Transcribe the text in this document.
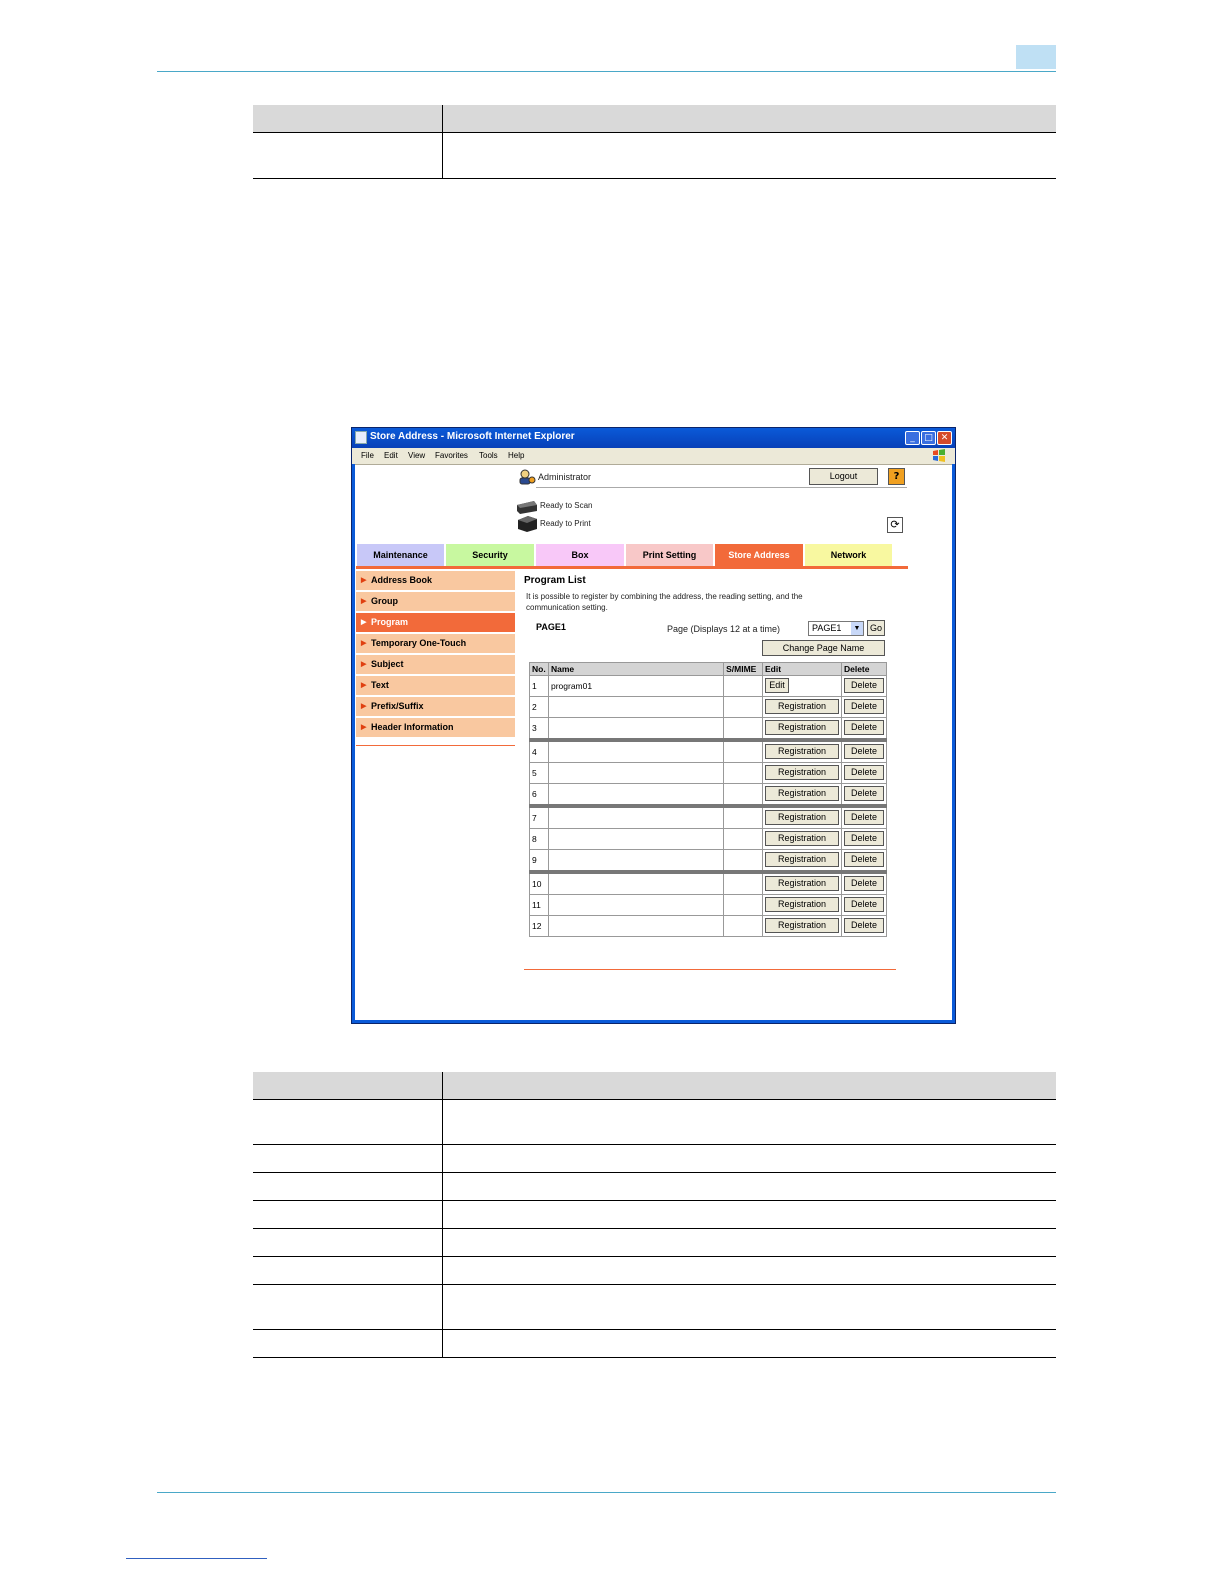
Store Address - Microsoft Internet Explorer	_	□ ✕
File Edit View Favorites Tools Help
Administrator	Logout	?
Ready to Scan
Ready to Print	⟳
Maintenance	Security	Box	Print Setting	Store Address	Network
▶ Address Book
▶ Group
▶ Program
▶ Temporary One-Touch
▶ Subject
▶ Text
▶ Prefix/Suffix
▶ Header Information
Program List
It is possible to register by combining the address, the reading setting, and the communication setting.
PAGE1	Page (Displays 12 at a time)	PAGE1	▼	Go
Change Page Name
No.	Name	S/MIME	Edit	Delete
1	program01		Edit	Delete
2			Registration	Delete
3			Registration	Delete
4			Registration	Delete
5			Registration	Delete
6			Registration	Delete
7			Registration	Delete
8			Registration	Delete
9			Registration	Delete
10			Registration	Delete
11			Registration	Delete
12			Registration	Delete
